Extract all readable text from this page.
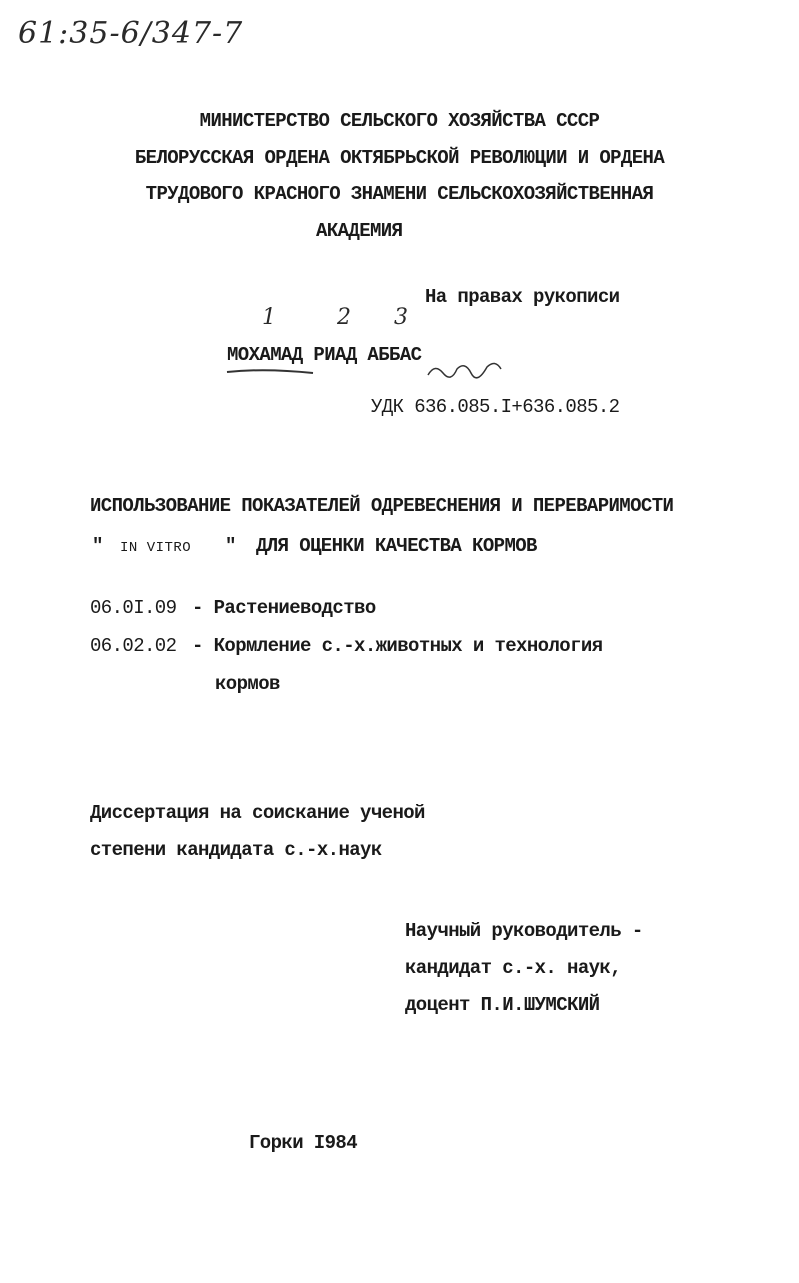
61:35-6/347-7
МИНИСТЕРСТВО СЕЛЬСКОГО ХОЗЯЙСТВА СССР
БЕЛОРУССКАЯ ОРДЕНА ОКТЯБРЬСКОЙ РЕВОЛЮЦИИ И ОРДЕНА
ТРУДОВОГО КРАСНОГО ЗНАМЕНИ СЕЛЬСКОХОЗЯЙСТВЕННАЯ
АКАДЕМИЯ
На правах рукописи
1	2 3
МОХАМАД РИАД АББАС
УДК 636.085.I+636.085.2
ИСПОЛЬЗОВАНИЕ ПОКАЗАТЕЛЕЙ ОДРЕВЕСНЕНИЯ И ПЕРЕВАРИМОСТИ
" IN VITRO " ДЛЯ ОЦЕНКИ КАЧЕСТВА КОРМОВ
06.0I.09 - Растениеводство
06.02.02 - Кормление с.-х.животных и технология
кормов
Диссертация на соискание ученой
степени кандидата с.-х.наук
Научный руководитель -
кандидат с.-х. наук,
доцент П.И.ШУМСКИЙ
Горки I984
